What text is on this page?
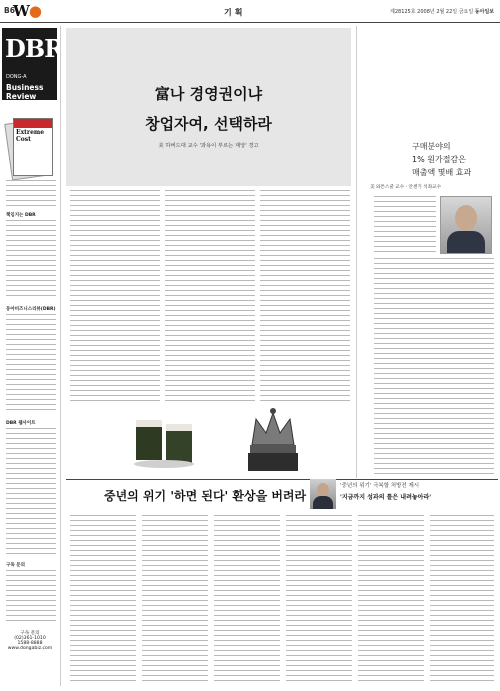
B6
W●	기획	제28125호 2008년 2월 22일 금요일 동아일보
DBR
DONG-A
Business Review
Extreme Cost
책임지는 DBR
동아비즈니스리뷰(DBR)
DBR 웹사이트
구독 문의
구독 문의
(02)361-1010
1588-8888
www.dongabiz.com
富나 경영권이냐
창업자여, 선택하라
美 하버드대 교수 '과욕이 부르는 재앙' 경고	구매분야의
1% 원가절감은
매출액 몇배 효과
美 와튼스쿨 교수 · 안셴기 석좌교수
중년의 위기 '하면 된다' 환상을 버려라
'중년의 위기' 극복할 처방전 제시
'지금까지 성과의 틀은 내려놓아라'
